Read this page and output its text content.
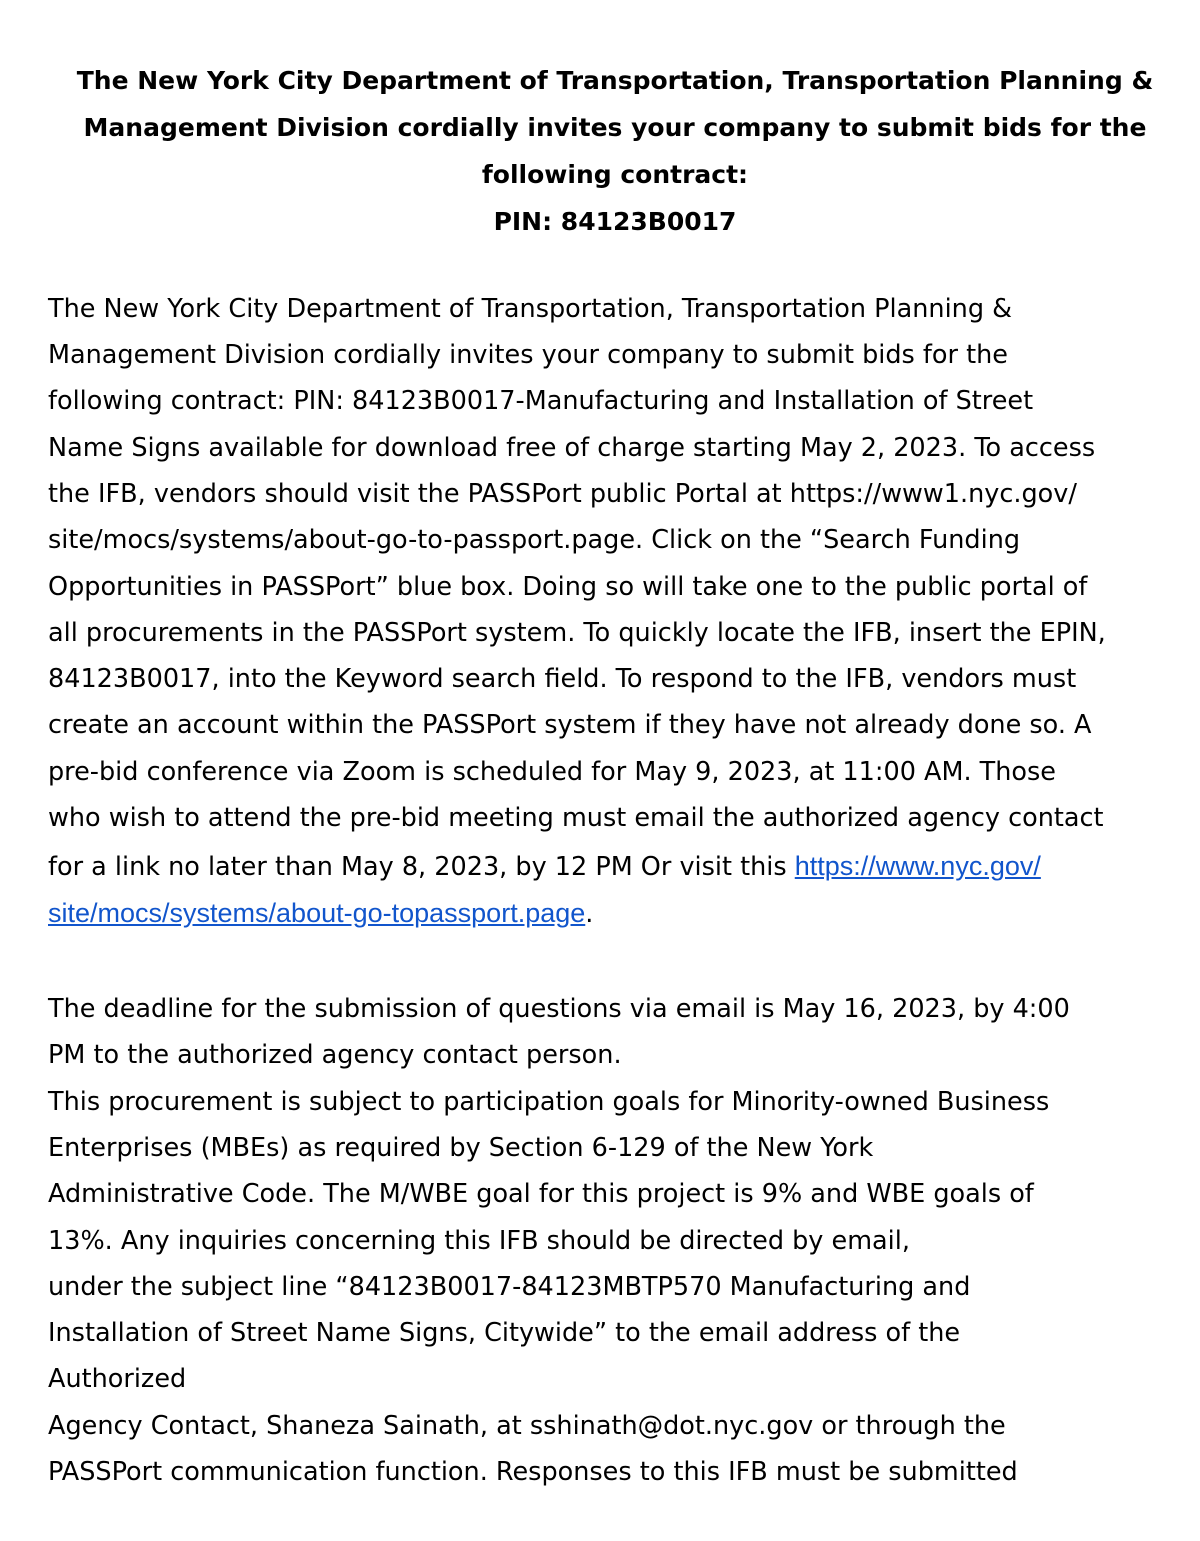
The New York City Department of Transportation, Transportation Planning &
Management Division cordially invites your company to submit bids for the
following contract:
PIN: 84123B0017
The New York City Department of Transportation, Transportation Planning &
Management Division cordially invites your company to submit bids for the
following contract: PIN: 84123B0017-Manufacturing and Installation of Street
Name Signs available for download free of charge starting May 2, 2023. To access
the IFB, vendors should visit the PASSPort public Portal at https://www1.nyc.gov/
site/mocs/systems/about-go-to-passport.page. Click on the “Search Funding
Opportunities in PASSPort” blue box. Doing so will take one to the public portal of
all procurements in the PASSPort system. To quickly locate the IFB, insert the EPIN,
84123B0017, into the Keyword search field. To respond to the IFB, vendors must
create an account within the PASSPort system if they have not already done so. A
pre-bid conference via Zoom is scheduled for May 9, 2023, at 11:00 AM. Those
who wish to attend the pre-bid meeting must email the authorized agency contact
for a link no later than May 8, 2023, by 12 PM Or visit this https://www.nyc.gov/
site/mocs/systems/about-go-topassport.page.
The deadline for the submission of questions via email is May 16, 2023, by 4:00
PM to the authorized agency contact person.
This procurement is subject to participation goals for Minority-owned Business
Enterprises (MBEs) as required by Section 6-129 of the New York
Administrative Code. The M/WBE goal for this project is 9% and WBE goals of
13%. Any inquiries concerning this IFB should be directed by email,
under the subject line “84123B0017-84123MBTP570 Manufacturing and
Installation of Street Name Signs, Citywide” to the email address of the
Authorized
Agency Contact, Shaneza Sainath, at sshinath@dot.nyc.gov or through the
PASSPort communication function. Responses to this IFB must be submitted
